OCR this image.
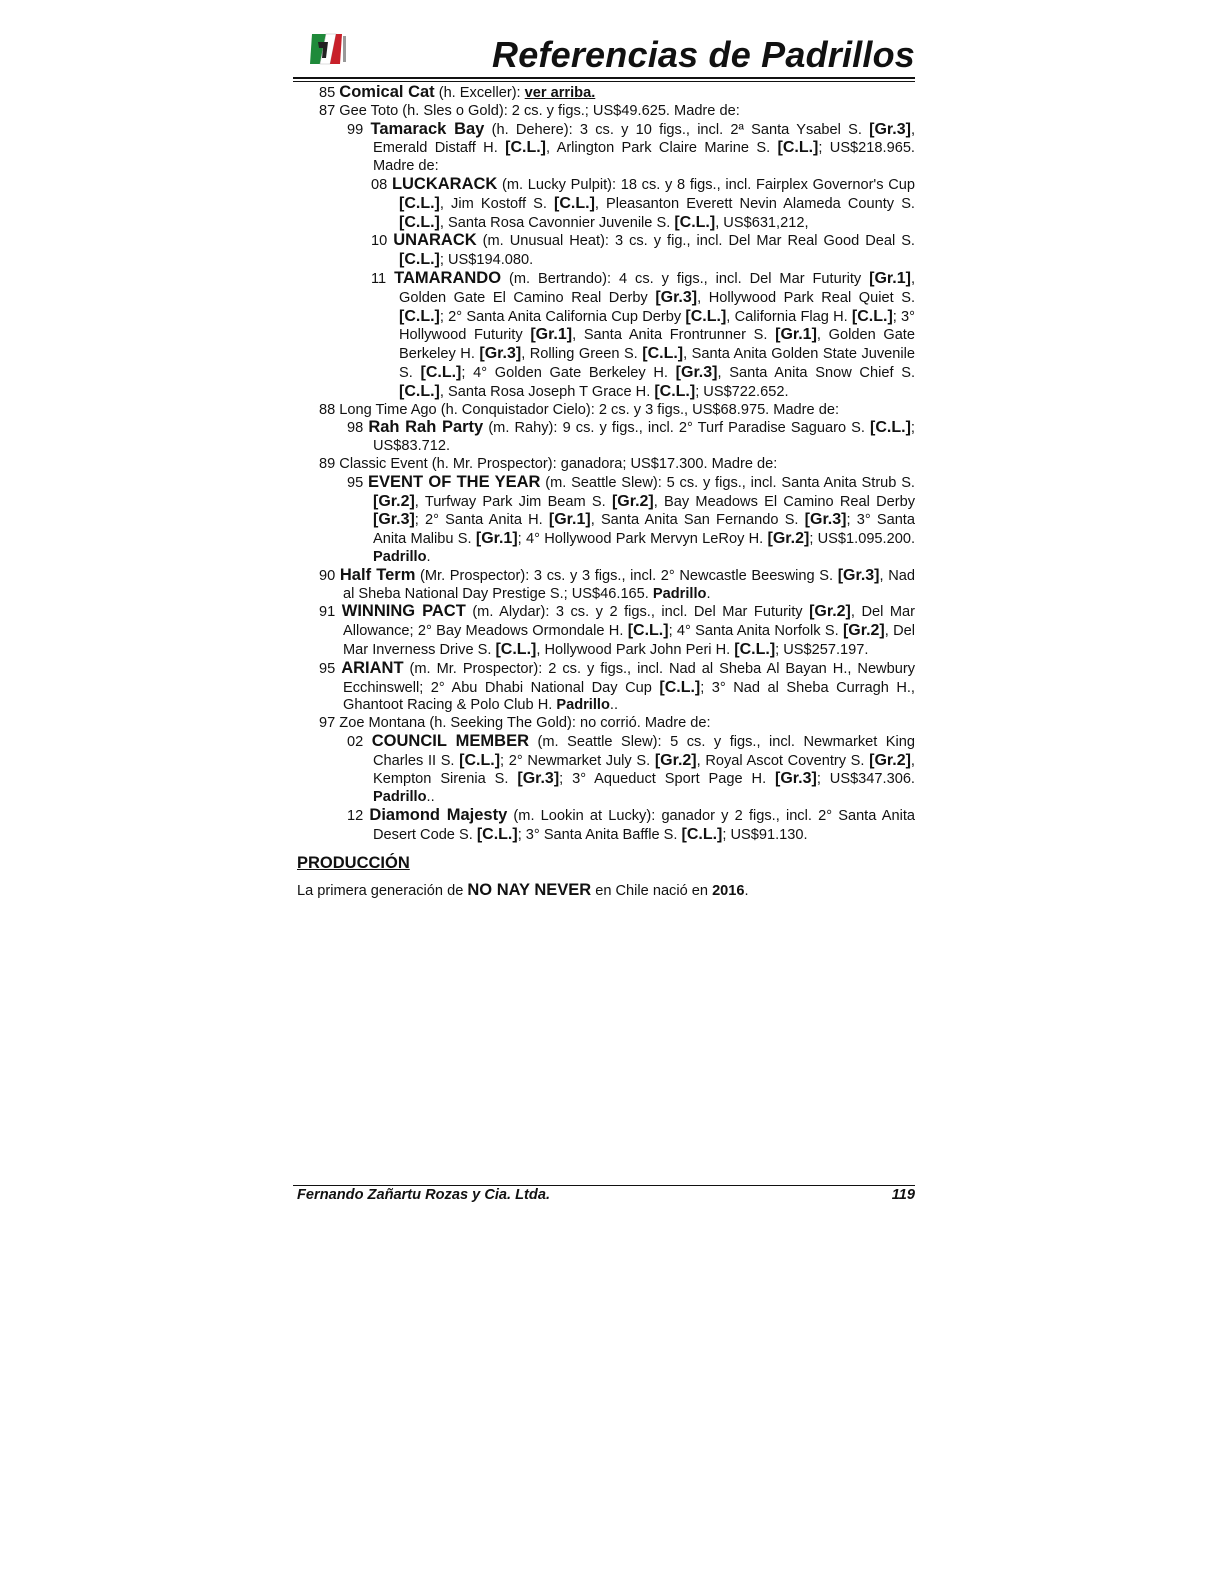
Referencias de Padrillos
85 Comical Cat (h. Exceller): ver arriba.
87 Gee Toto (h. Sles o Gold): 2 cs. y figs.; US$49.625. Madre de:
99 Tamarack Bay (h. Dehere): 3 cs. y 10 figs., incl. 2ª Santa Ysabel S. [Gr.3], Emerald Distaff H. [C.L.], Arlington Park Claire Marine S. [C.L.]; US$218.965. Madre de:
08 LUCKARACK (m. Lucky Pulpit): 18 cs. y 8 figs., incl. Fairplex Governor's Cup [C.L.], Jim Kostoff S. [C.L.], Pleasanton Everett Nevin Alameda County S. [C.L.], Santa Rosa Cavonnier Juvenile S. [C.L.], US$631,212,
10 UNARACK (m. Unusual Heat): 3 cs. y fig., incl. Del Mar Real Good Deal S. [C.L.]; US$194.080.
11 TAMARANDO (m. Bertrando): 4 cs. y figs., incl. Del Mar Futurity [Gr.1], Golden Gate El Camino Real Derby [Gr.3], Hollywood Park Real Quiet S. [C.L.]; 2° Santa Anita California Cup Derby [C.L.], California Flag H. [C.L.]; 3° Hollywood Futurity [Gr.1], Santa Anita Frontrunner S. [Gr.1], Golden Gate Berkeley H. [Gr.3], Rolling Green S. [C.L.], Santa Anita Golden State Juvenile S. [C.L.]; 4° Golden Gate Berkeley H. [Gr.3], Santa Anita Snow Chief S. [C.L.], Santa Rosa Joseph T Grace H. [C.L.]; US$722.652.
88 Long Time Ago (h. Conquistador Cielo): 2 cs. y 3 figs., US$68.975. Madre de:
98 Rah Rah Party (m. Rahy): 9 cs. y figs., incl. 2° Turf Paradise Saguaro S. [C.L.]; US$83.712.
89 Classic Event (h. Mr. Prospector): ganadora; US$17.300. Madre de:
95 EVENT OF THE YEAR (m. Seattle Slew): 5 cs. y figs., incl. Santa Anita Strub S. [Gr.2], Turfway Park Jim Beam S. [Gr.2], Bay Meadows El Camino Real Derby [Gr.3]; 2° Santa Anita H. [Gr.1], Santa Anita San Fernando S. [Gr.3]; 3° Santa Anita Malibu S. [Gr.1]; 4° Hollywood Park Mervyn LeRoy H. [Gr.2]; US$1.095.200. Padrillo.
90 Half Term (Mr. Prospector): 3 cs. y 3 figs., incl. 2° Newcastle Beeswing S. [Gr.3], Nad al Sheba National Day Prestige S.; US$46.165. Padrillo.
91 WINNING PACT (m. Alydar): 3 cs. y 2 figs., incl. Del Mar Futurity [Gr.2], Del Mar Allowance; 2° Bay Meadows Ormondale H. [C.L.]; 4° Santa Anita Norfolk S. [Gr.2], Del Mar Inverness Drive S. [C.L.], Hollywood Park John Peri H. [C.L.]; US$257.197.
95 ARIANT (m. Mr. Prospector): 2 cs. y figs., incl. Nad al Sheba Al Bayan H., Newbury Ecchinswell; 2° Abu Dhabi National Day Cup [C.L.]; 3° Nad al Sheba Curragh H., Ghantoot Racing & Polo Club H. Padrillo..
97 Zoe Montana (h. Seeking The Gold): no corrió. Madre de:
02 COUNCIL MEMBER (m. Seattle Slew): 5 cs. y figs., incl. Newmarket King Charles II S. [C.L.]; 2° Newmarket July S. [Gr.2], Royal Ascot Coventry S. [Gr.2], Kempton Sirenia S. [Gr.3]; 3° Aqueduct Sport Page H. [Gr.3]; US$347.306. Padrillo..
12 Diamond Majesty (m. Lookin at Lucky): ganador y 2 figs., incl. 2° Santa Anita Desert Code S. [C.L.]; 3° Santa Anita Baffle S. [C.L.]; US$91.130.
PRODUCCIÓN
La primera generación de NO NAY NEVER en Chile nació en 2016.
Fernando Zañartu Rozas y Cia. Ltda.	119
